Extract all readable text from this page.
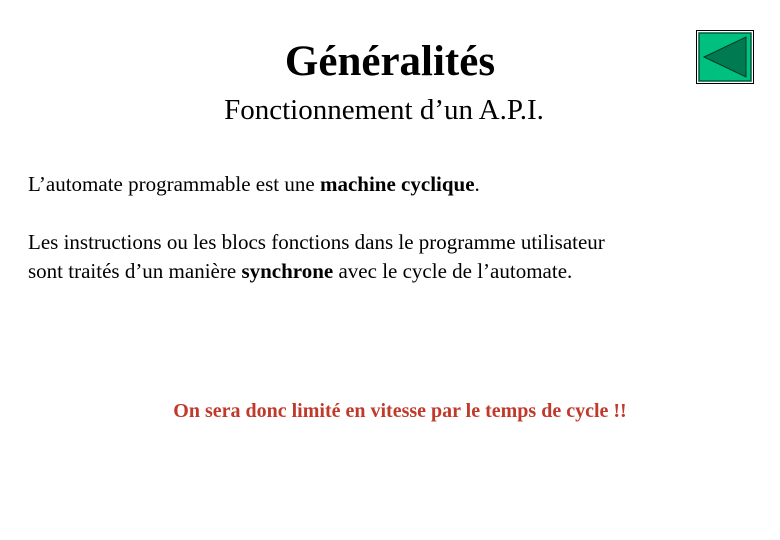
Généralités
Fonctionnement d’un A.P.I.
L’automate programmable est une machine cyclique.
Les instructions ou les blocs fonctions dans le programme utilisateur
sont traités d’un manière synchrone avec le cycle de l’automate.
On sera donc limité en vitesse par le temps de cycle !!
